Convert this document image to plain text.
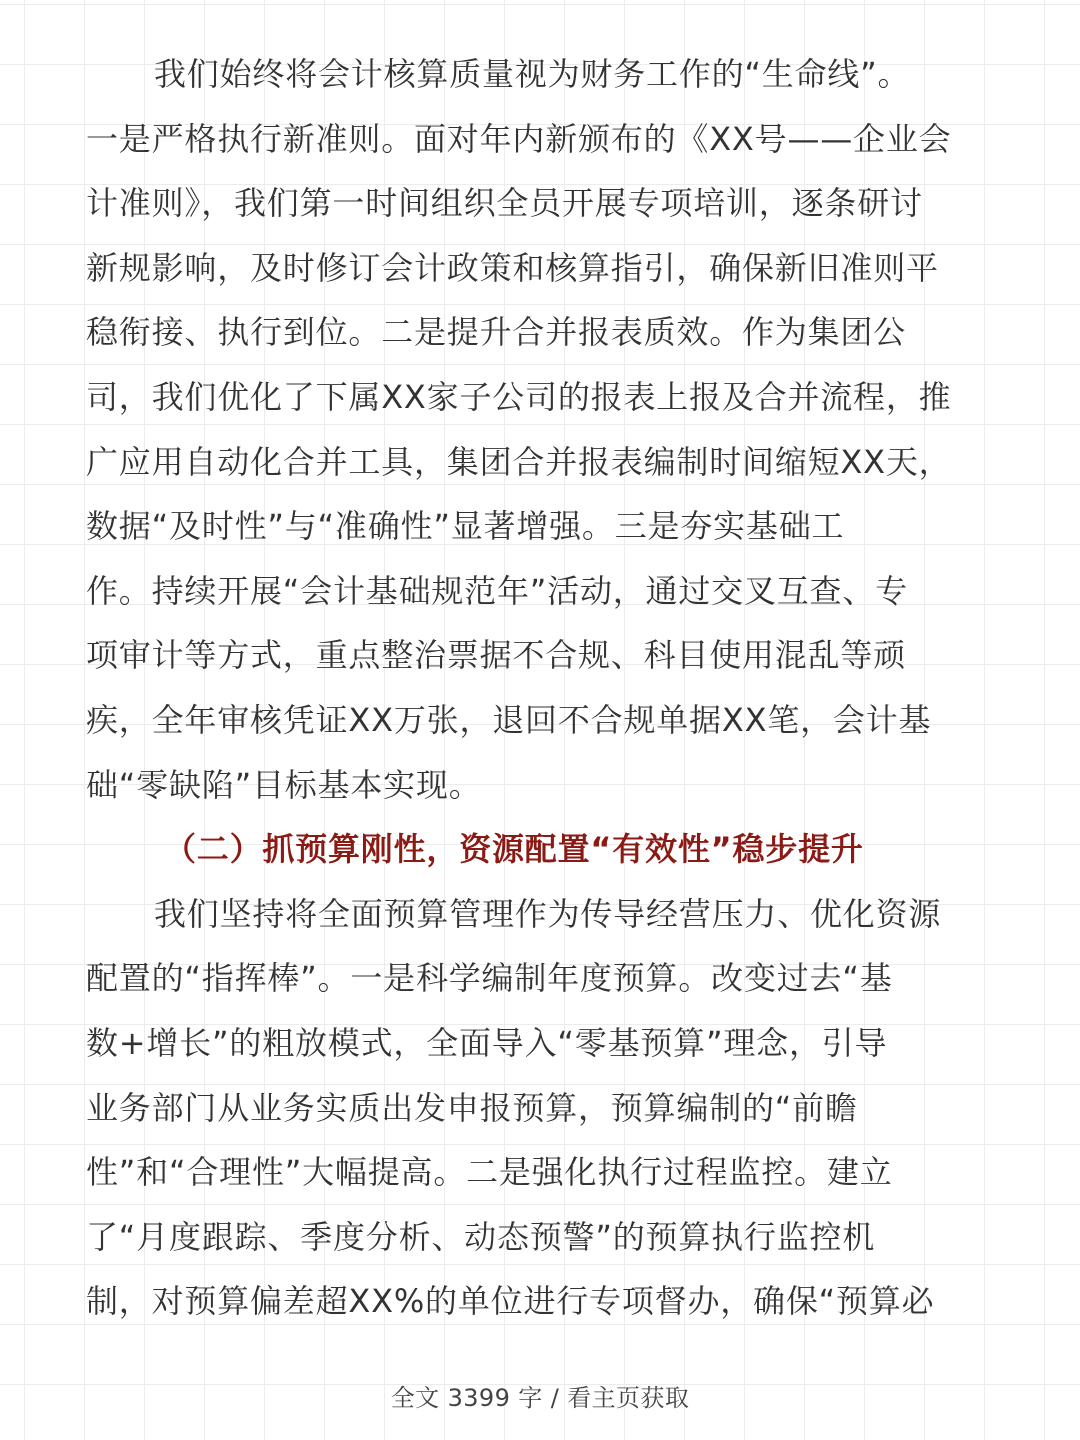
我们始终将会计核算质量视为财务工作的“生命线”。
一是严格执行新准则。面对年内新颁布的《XX号——企业会
计准则》，我们第一时间组织全员开展专项培训，逐条研讨
新规影响，及时修订会计政策和核算指引，确保新旧准则平
稳衔接、执行到位。二是提升合并报表质效。作为集团公
司，我们优化了下属XX家子公司的报表上报及合并流程，推
广应用自动化合并工具，集团合并报表编制时间缩短XX天，
数据“及时性”与“准确性”显著增强。三是夯实基础工
作。持续开展“会计基础规范年”活动，通过交叉互查、专
项审计等方式，重点整治票据不合规、科目使用混乱等顽
疾，全年审核凭证XX万张，退回不合规单据XX笔，会计基
础“零缺陷”目标基本实现。
（二）抓预算刚性，资源配置“有效性”稳步提升
我们坚持将全面预算管理作为传导经营压力、优化资源
配置的“指挥棒”。一是科学编制年度预算。改变过去“基
数+增长”的粗放模式，全面导入“零基预算”理念，引导
业务部门从业务实质出发申报预算，预算编制的“前瞻
性”和“合理性”大幅提高。二是强化执行过程监控。建立
了“月度跟踪、季度分析、动态预警”的预算执行监控机
制，对预算偏差超XX%的单位进行专项督办，确保“预算必
全文 3399 字 / 看主页获取
